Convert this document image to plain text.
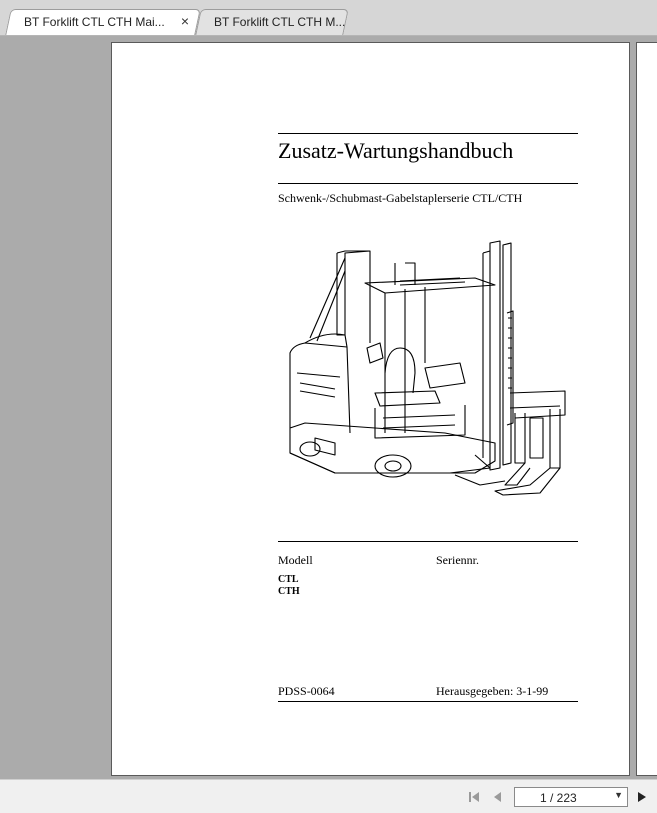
BT Forklift CTL CTH Mai... × BT Forklift CTL CTH M...
Zusatz-Wartungshandbuch
Schwenk-/Schubmast-Gabelstaplerserie CTL/CTH
Modell	Seriennr.
CTL
CTH
PDSS-0064	Herausgegeben: 3-1-99
1 / 223	▼
